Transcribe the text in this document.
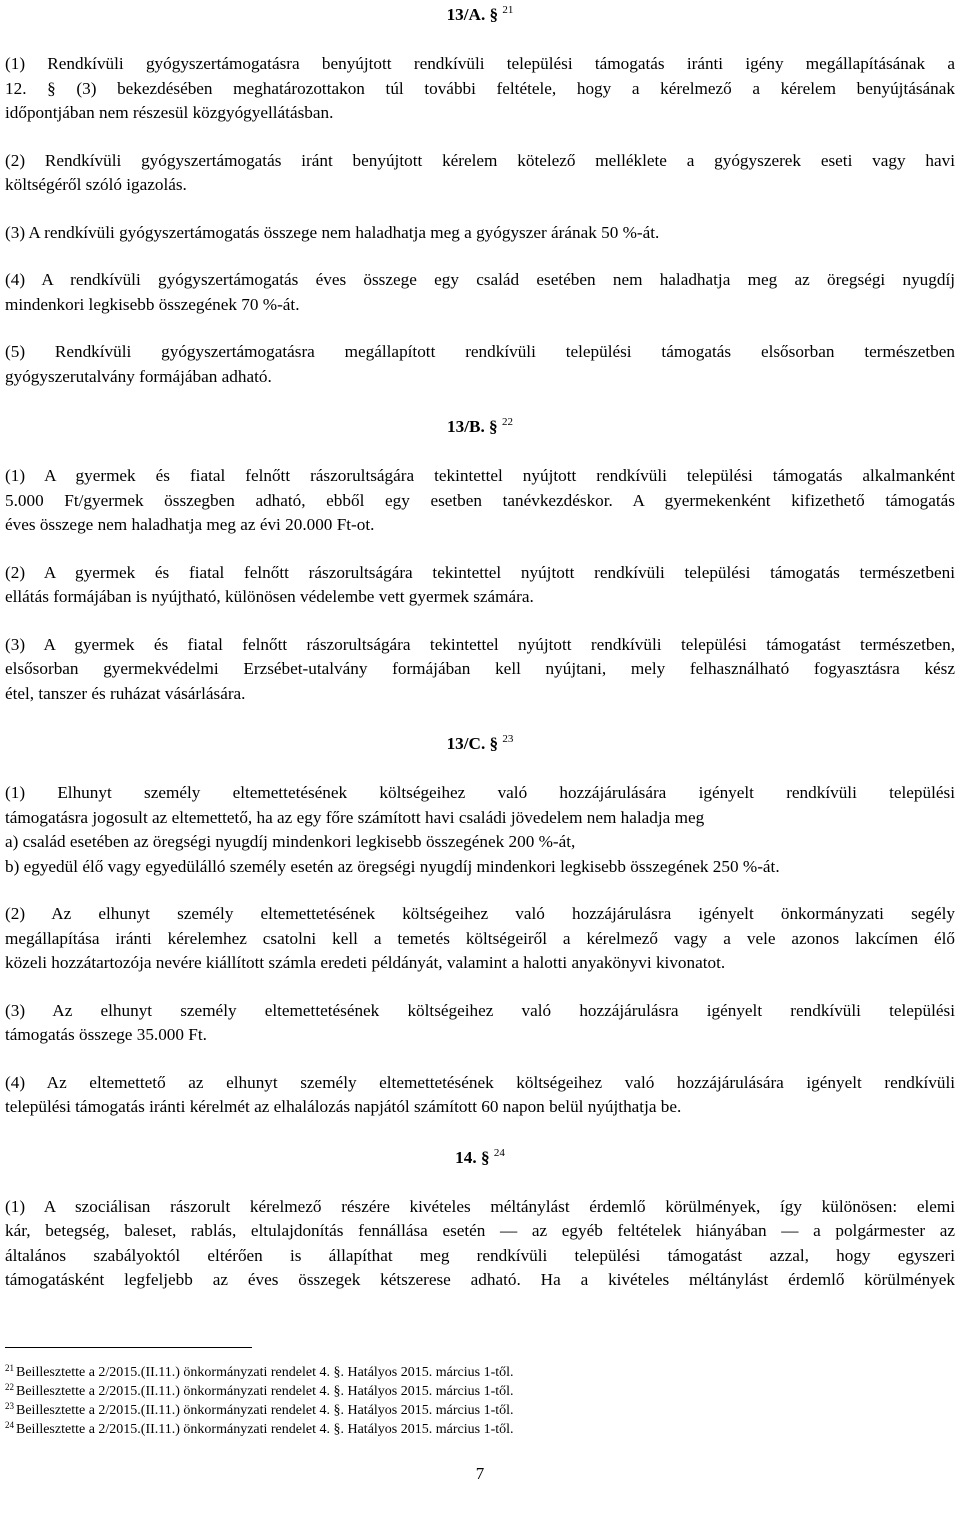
13/A. § $^{21}$
(1) Rendkívüli gyógyszertámogatásra benyújtott rendkívüli települési támogatás iránti igény megállapításának a
12. § (3) bekezdésében meghatározottakon túl további feltétele, hogy a kérelmező a kérelem benyújtásának
időpontjában nem részesül közgyógyellátásban.
(2) Rendkívüli gyógyszertámogatás iránt benyújtott kérelem kötelező melléklete a gyógyszerek eseti vagy havi
költségéről szóló igazolás.
(3) A rendkívüli gyógyszertámogatás összege nem haladhatja meg a gyógyszer árának 50 %-át.
(4) A rendkívüli gyógyszertámogatás éves összege egy család esetében nem haladhatja meg az öregségi nyugdíj
mindenkori legkisebb összegének 70 %-át.
(5) Rendkívüli gyógyszertámogatásra megállapított rendkívüli települési támogatás elsősorban természetben
gyógyszerutalvány formájában adható.
13/B. § $^{22}$
(1) A gyermek és fiatal felnőtt rászorultságára tekintettel nyújtott rendkívüli települési támogatás alkalmanként
5.000 Ft/gyermek összegben adható, ebből egy esetben tanévkezdéskor. A gyermekenként kifizethető támogatás
éves összege nem haladhatja meg az évi 20.000 Ft-ot.
(2) A gyermek és fiatal felnőtt rászorultságára tekintettel nyújtott rendkívüli települési támogatás természetbeni
ellátás formájában is nyújtható, különösen védelembe vett gyermek számára.
(3) A gyermek és fiatal felnőtt rászorultságára tekintettel nyújtott rendkívüli települési támogatást természetben,
elsősorban gyermekvédelmi Erzsébet-utalvány formájában kell nyújtani, mely felhasználható fogyasztásra kész
étel, tanszer és ruházat vásárlására.
13/C. § $^{23}$
(1) Elhunyt személy eltemettetésének költségeihez való hozzájárulására igényelt rendkívüli települési
támogatásra jogosult az eltemettető, ha az egy főre számított havi családi jövedelem nem haladja meg
a) család esetében az öregségi nyugdíj mindenkori legkisebb összegének 200 %-át,
b) egyedül élő vagy egyedülálló személy esetén az öregségi nyugdíj mindenkori legkisebb összegének 250 %-át.
(2) Az elhunyt személy eltemettetésének költségeihez való hozzájárulásra igényelt önkormányzati segély
megállapítása iránti kérelemhez csatolni kell a temetés költségeiről a kérelmező vagy a vele azonos lakcímen élő
közeli hozzátartozója nevére kiállított számla eredeti példányát, valamint a halotti anyakönyvi kivonatot.
(3) Az elhunyt személy eltemettetésének költségeihez való hozzájárulásra igényelt rendkívüli települési
támogatás összege 35.000 Ft.
(4) Az eltemettető az elhunyt személy eltemettetésének költségeihez való hozzájárulására igényelt rendkívüli
települési támogatás iránti kérelmét az elhalálozás napjától számított 60 napon belül nyújthatja be.
14. § $^{24}$
(1) A szociálisan rászorult kérelmező részére kivételes méltánylást érdemlő körülmények, így különösen: elemi
kár, betegség, baleset, rablás, eltulajdonítás fennállása esetén — az egyéb feltételek hiányában — a polgármester az
általános szabályoktól eltérően is állapíthat meg rendkívüli települési támogatást azzal, hogy egyszeri
támogatásként legfeljebb az éves összegek kétszerese adható. Ha a kivételes méltánylást érdemlő körülmények
$^{21}$ Beillesztette a 2/2015.(II.11.) önkormányzati rendelet 4. §. Hatályos 2015. március 1-től.
$^{22}$ Beillesztette a 2/2015.(II.11.) önkormányzati rendelet 4. §. Hatályos 2015. március 1-től.
$^{23}$ Beillesztette a 2/2015.(II.11.) önkormányzati rendelet 4. §. Hatályos 2015. március 1-től.
$^{24}$ Beillesztette a 2/2015.(II.11.) önkormányzati rendelet 4. §. Hatályos 2015. március 1-től.
7
